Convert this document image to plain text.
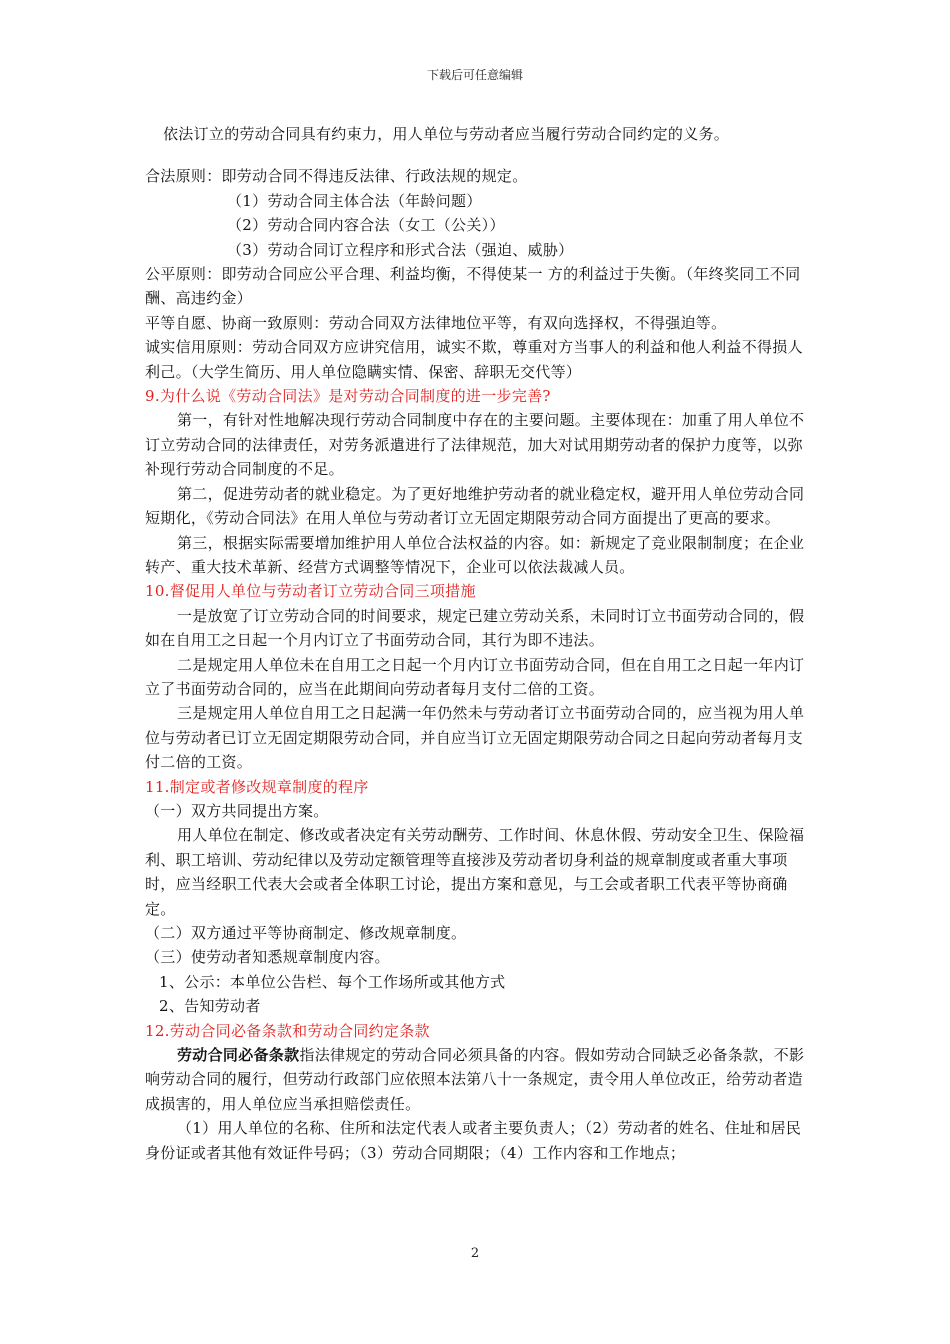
下载后可任意编辑

依法订立的劳动合同具有约束力，用人单位与劳动者应当履行劳动合同约定的义务。

合法原则：即劳动合同不得违反法律、行政法规的规定。

（1）劳动合同主体合法（年龄问题）

（2）劳动合同内容合法（女工（公关））

（3）劳动合同订立程序和形式合法（强迫、威胁）

公平原则：即劳动合同应公平合理、利益均衡，不得使某一 方的利益过于失衡。（年终奖同工不同酬、高违约金）

平等自愿、协商一致原则：劳动合同双方法律地位平等，有双向选择权，不得强迫等。

诚实信用原则：劳动合同双方应讲究信用，诚实不欺，尊重对方当事人的利益和他人利益不得损人利己。（大学生简历、用人单位隐瞒实情、保密、辞职无交代等）

9.为什么说《劳动合同法》是对劳动合同制度的进一步完善?

第一，有针对性地解决现行劳动合同制度中存在的主要问题。主要体现在：加重了用人单位不订立劳动合同的法律责任，对劳务派遣进行了法律规范，加大对试用期劳动者的保护力度等，以弥补现行劳动合同制度的不足。

第二，促进劳动者的就业稳定。为了更好地维护劳动者的就业稳定权，避开用人单位劳动合同短期化，《劳动合同法》在用人单位与劳动者订立无固定期限劳动合同方面提出了更高的要求。

第三，根据实际需要增加维护用人单位合法权益的内容。如：新规定了竞业限制制度；在企业转产、重大技术革新、经营方式调整等情况下，企业可以依法裁减人员。

10.督促用人单位与劳动者订立劳动合同三项措施

一是放宽了订立劳动合同的时间要求，规定已建立劳动关系，未同时订立书面劳动合同的，假如在自用工之日起一个月内订立了书面劳动合同，其行为即不违法。

二是规定用人单位未在自用工之日起一个月内订立书面劳动合同，但在自用工之日起一年内订立了书面劳动合同的，应当在此期间向劳动者每月支付二倍的工资。

三是规定用人单位自用工之日起满一年仍然未与劳动者订立书面劳动合同的，应当视为用人单位与劳动者已订立无固定期限劳动合同，并自应当订立无固定期限劳动合同之日起向劳动者每月支付二倍的工资。

11.制定或者修改规章制度的程序

（一）双方共同提出方案。

用人单位在制定、修改或者决定有关劳动酬劳、工作时间、休息休假、劳动安全卫生、保险福利、职工培训、劳动纪律以及劳动定额管理等直接涉及劳动者切身利益的规章制度或者重大事项时，应当经职工代表大会或者全体职工讨论，提出方案和意见，与工会或者职工代表平等协商确定。

（二）双方通过平等协商制定、修改规章制度。

（三）使劳动者知悉规章制度内容。

1、公示：本单位公告栏、每个工作场所或其他方式

2、告知劳动者

12.劳动合同必备条款和劳动合同约定条款

劳动合同必备条款指法律规定的劳动合同必须具备的内容。假如劳动合同缺乏必备条款，不影响劳动合同的履行，但劳动行政部门应依照本法第八十一条规定，责令用人单位改正，给劳动者造成损害的，用人单位应当承担赔偿责任。

（1）用人单位的名称、住所和法定代表人或者主要负责人；（2）劳动者的姓名、住址和居民身份证或者其他有效证件号码；（3）劳动合同期限；（4）工作内容和工作地点；

2
